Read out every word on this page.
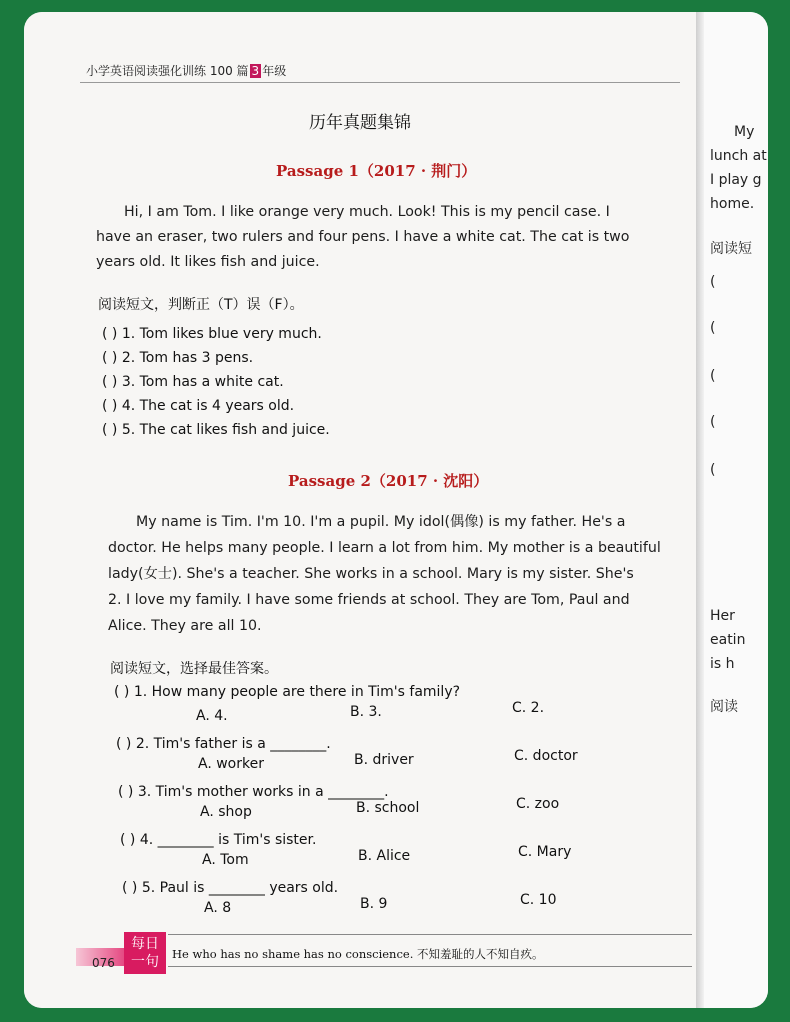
小学英语阅读强化训练 100 篇 3 年级
历年真题集锦
Passage 1（2017 · 荆门）
Hi, I am Tom. I like orange very much. Look! This is my pencil case. I
have an eraser, two rulers and four pens. I have a white cat. The cat is two
years old. It likes fish and juice.
阅读短文，判断正（T）误（F）。
( ) 1. Tom likes blue very much.
( ) 2. Tom has 3 pens.
( ) 3. Tom has a white cat.
( ) 4. The cat is 4 years old.
( ) 5. The cat likes fish and juice.
Passage 2（2017 · 沈阳）
My name is Tim. I'm 10. I'm a pupil. My idol(偶像) is my father. He's a
doctor. He helps many people. I learn a lot from him. My mother is a beautiful
lady(女士). She's a teacher. She works in a school. Mary is my sister. She's
2. I love my family. I have some friends at school. They are Tom, Paul and
Alice. They are all 10.
阅读短文，选择最佳答案。
( ) 1. How many people are there in Tim's family?
A. 4.	B. 3.	C. 2.
( ) 2. Tim's father is a ________.
A. worker	B. driver	C. doctor
( ) 3. Tim's mother works in a ________.
A. shop	B. school	C. zoo
( ) 4. ________ is Tim's sister.
A. Tom	B. Alice	C. Mary
( ) 5. Paul is ________ years old.
A. 8	B. 9	C. 10
076
每日
一句	He who has no shame has no conscience. 不知羞耻的人不知自疚。
My
lunch at
I play g
home.
阅读短
(
(
(
(
(
Her
eatin
is h
阅读
